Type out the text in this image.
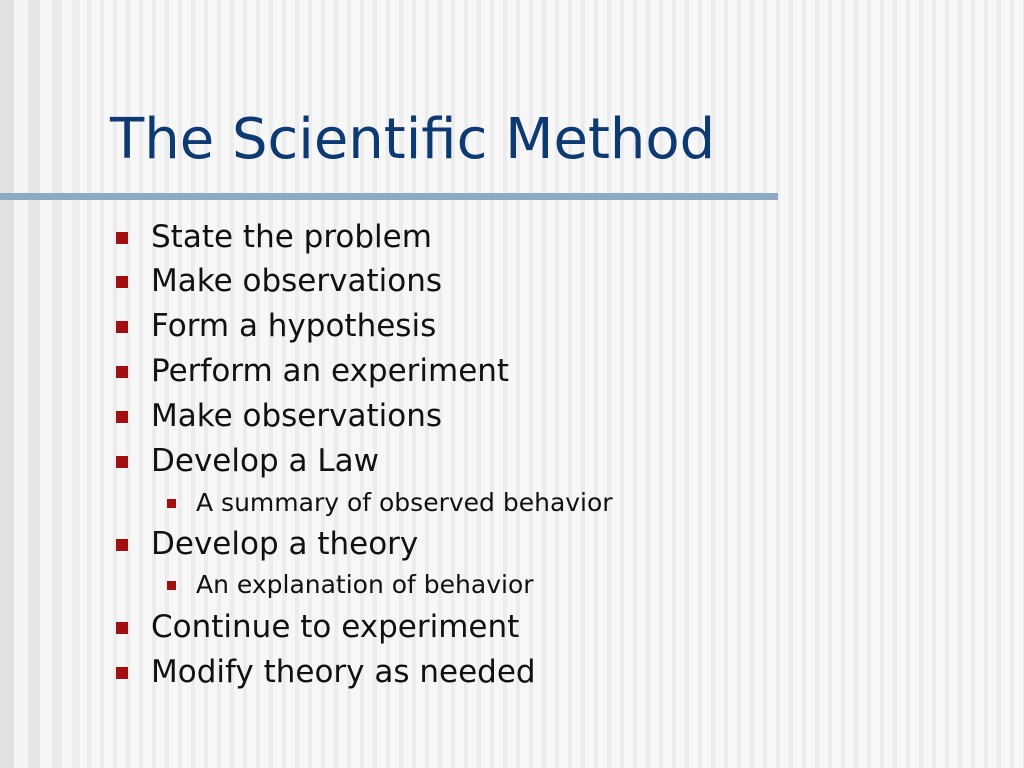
The Scientific Method
State the problem
Make observations
Form a hypothesis
Perform an experiment
Make observations
Develop a Law
A summary of observed behavior
Develop a theory
An explanation of behavior
Continue to experiment
Modify theory as needed
